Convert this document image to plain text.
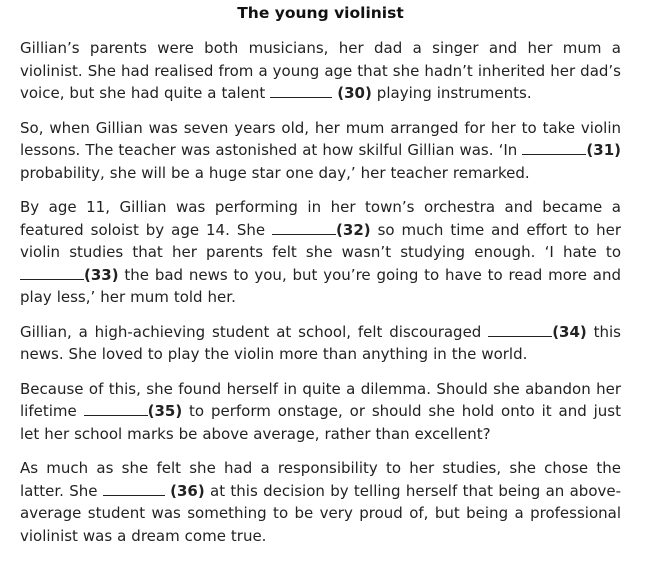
The young violinist

Gillian’s parents were both musicians, her dad a singer and her mum a violinist. She had realised from a young age that she hadn’t inherited her dad’s voice, but she had quite a talent	(30) playing instruments.

So, when Gillian was seven years old, her mum arranged for her to take violin lessons. The teacher was astonished at how skilful Gillian was. ‘In	(31) probability, she will be a huge star one day,’ her teacher remarked.

By age 11, Gillian was performing in her town’s orchestra and became a featured soloist by age 14. She	(32) so much time and effort to her violin studies that her parents felt she wasn’t studying enough. ‘I hate to (33) the bad news to you, but you’re going to have to read more and play less,’ her mum told her.

Gillian, a high-achieving student at school, felt discouraged	(34) this news. She loved to play the violin more than anything in the world.

Because of this, she found herself in quite a dilemma. Should she abandon her lifetime	(35) to perform onstage, or should she hold onto it and just let her school marks be above average, rather than excellent?

As much as she felt she had a responsibility to her studies, she chose the latter. She	(36) at this decision by telling herself that being an above-average student was something to be very proud of, but being a professional violinist was a dream come true.
